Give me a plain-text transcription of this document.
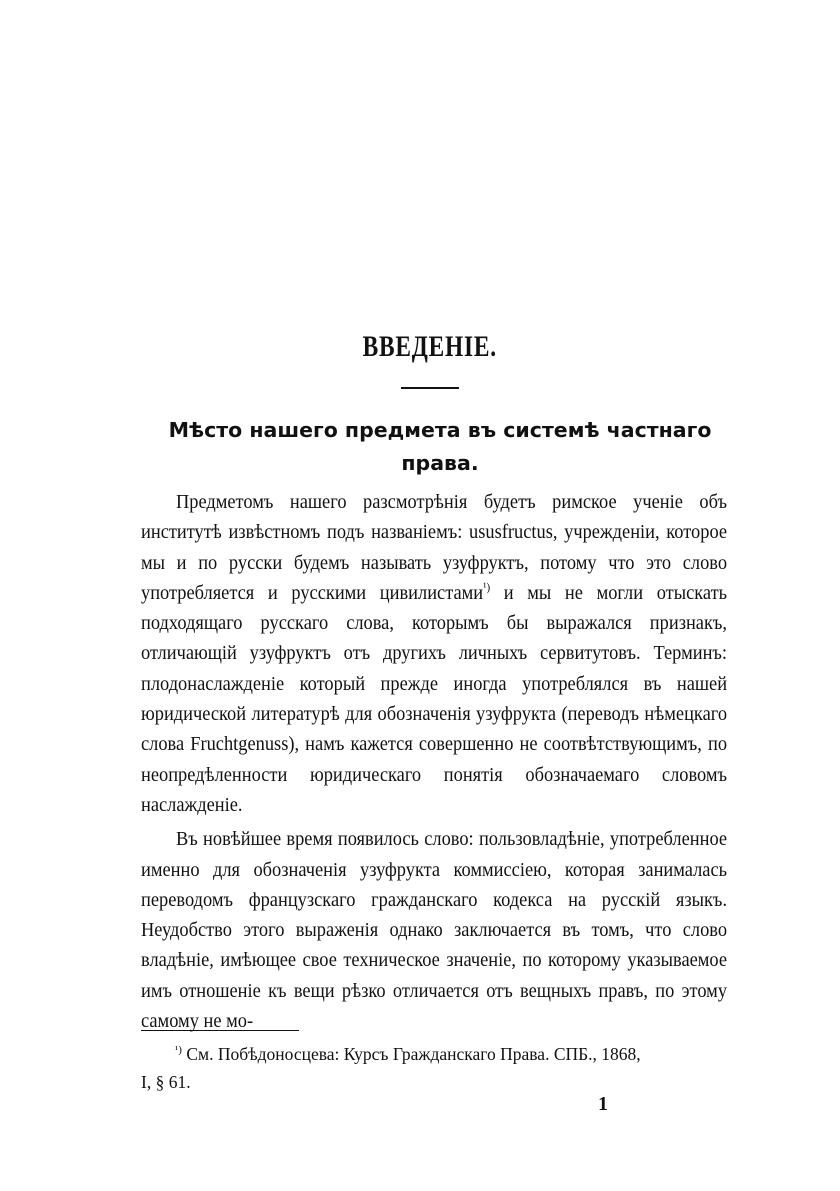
ВВЕДЕНІЕ.
Мѣсто нашего предмета въ системѣ частнаго права.

Предметомъ нашего разсмотрѣнія будетъ римское ученіе объ институтѣ извѣстномъ подъ названіемъ: ususfructus, учрежденіи, которое мы и по русски будемъ называть узуфруктъ, потому что это слово употребляется и русскими цивилистами$^{^1)}$ и мы не могли отыскать подходящаго русскаго слова, которымъ бы выражался признакъ, отличающій узуфруктъ отъ другихъ личныхъ сервитутовъ. Терминъ: плодонаслажденіе который прежде иногда употреблялся въ нашей юридической литературѣ для обозначенія узуфрукта (переводъ нѣмецкаго слова Fruchtgenuss), намъ кажется совершенно не соотвѣтствующимъ, по неопредѣленности юридическаго понятія обозначаемаго словомъ наслажденіе.

Въ новѣйшее время появилось слово: пользовладѣніе, употребленное именно для обозначенія узуфрукта коммиссіею, которая занималась переводомъ французскаго гражданскаго кодекса на русскій языкъ. Неудобство этого выраженія однако заключается въ томъ, что слово владѣніе, имѣющее свое техническое значеніе, по которому указываемое имъ отношеніе къ вещи рѣзко отличается отъ вещныхъ правъ, по этому самому не мо-

$^{^1)}$ См. Побѣдоносцева: Курсъ Гражданскаго Права. СПБ., 1868,
I, § 61.
1
